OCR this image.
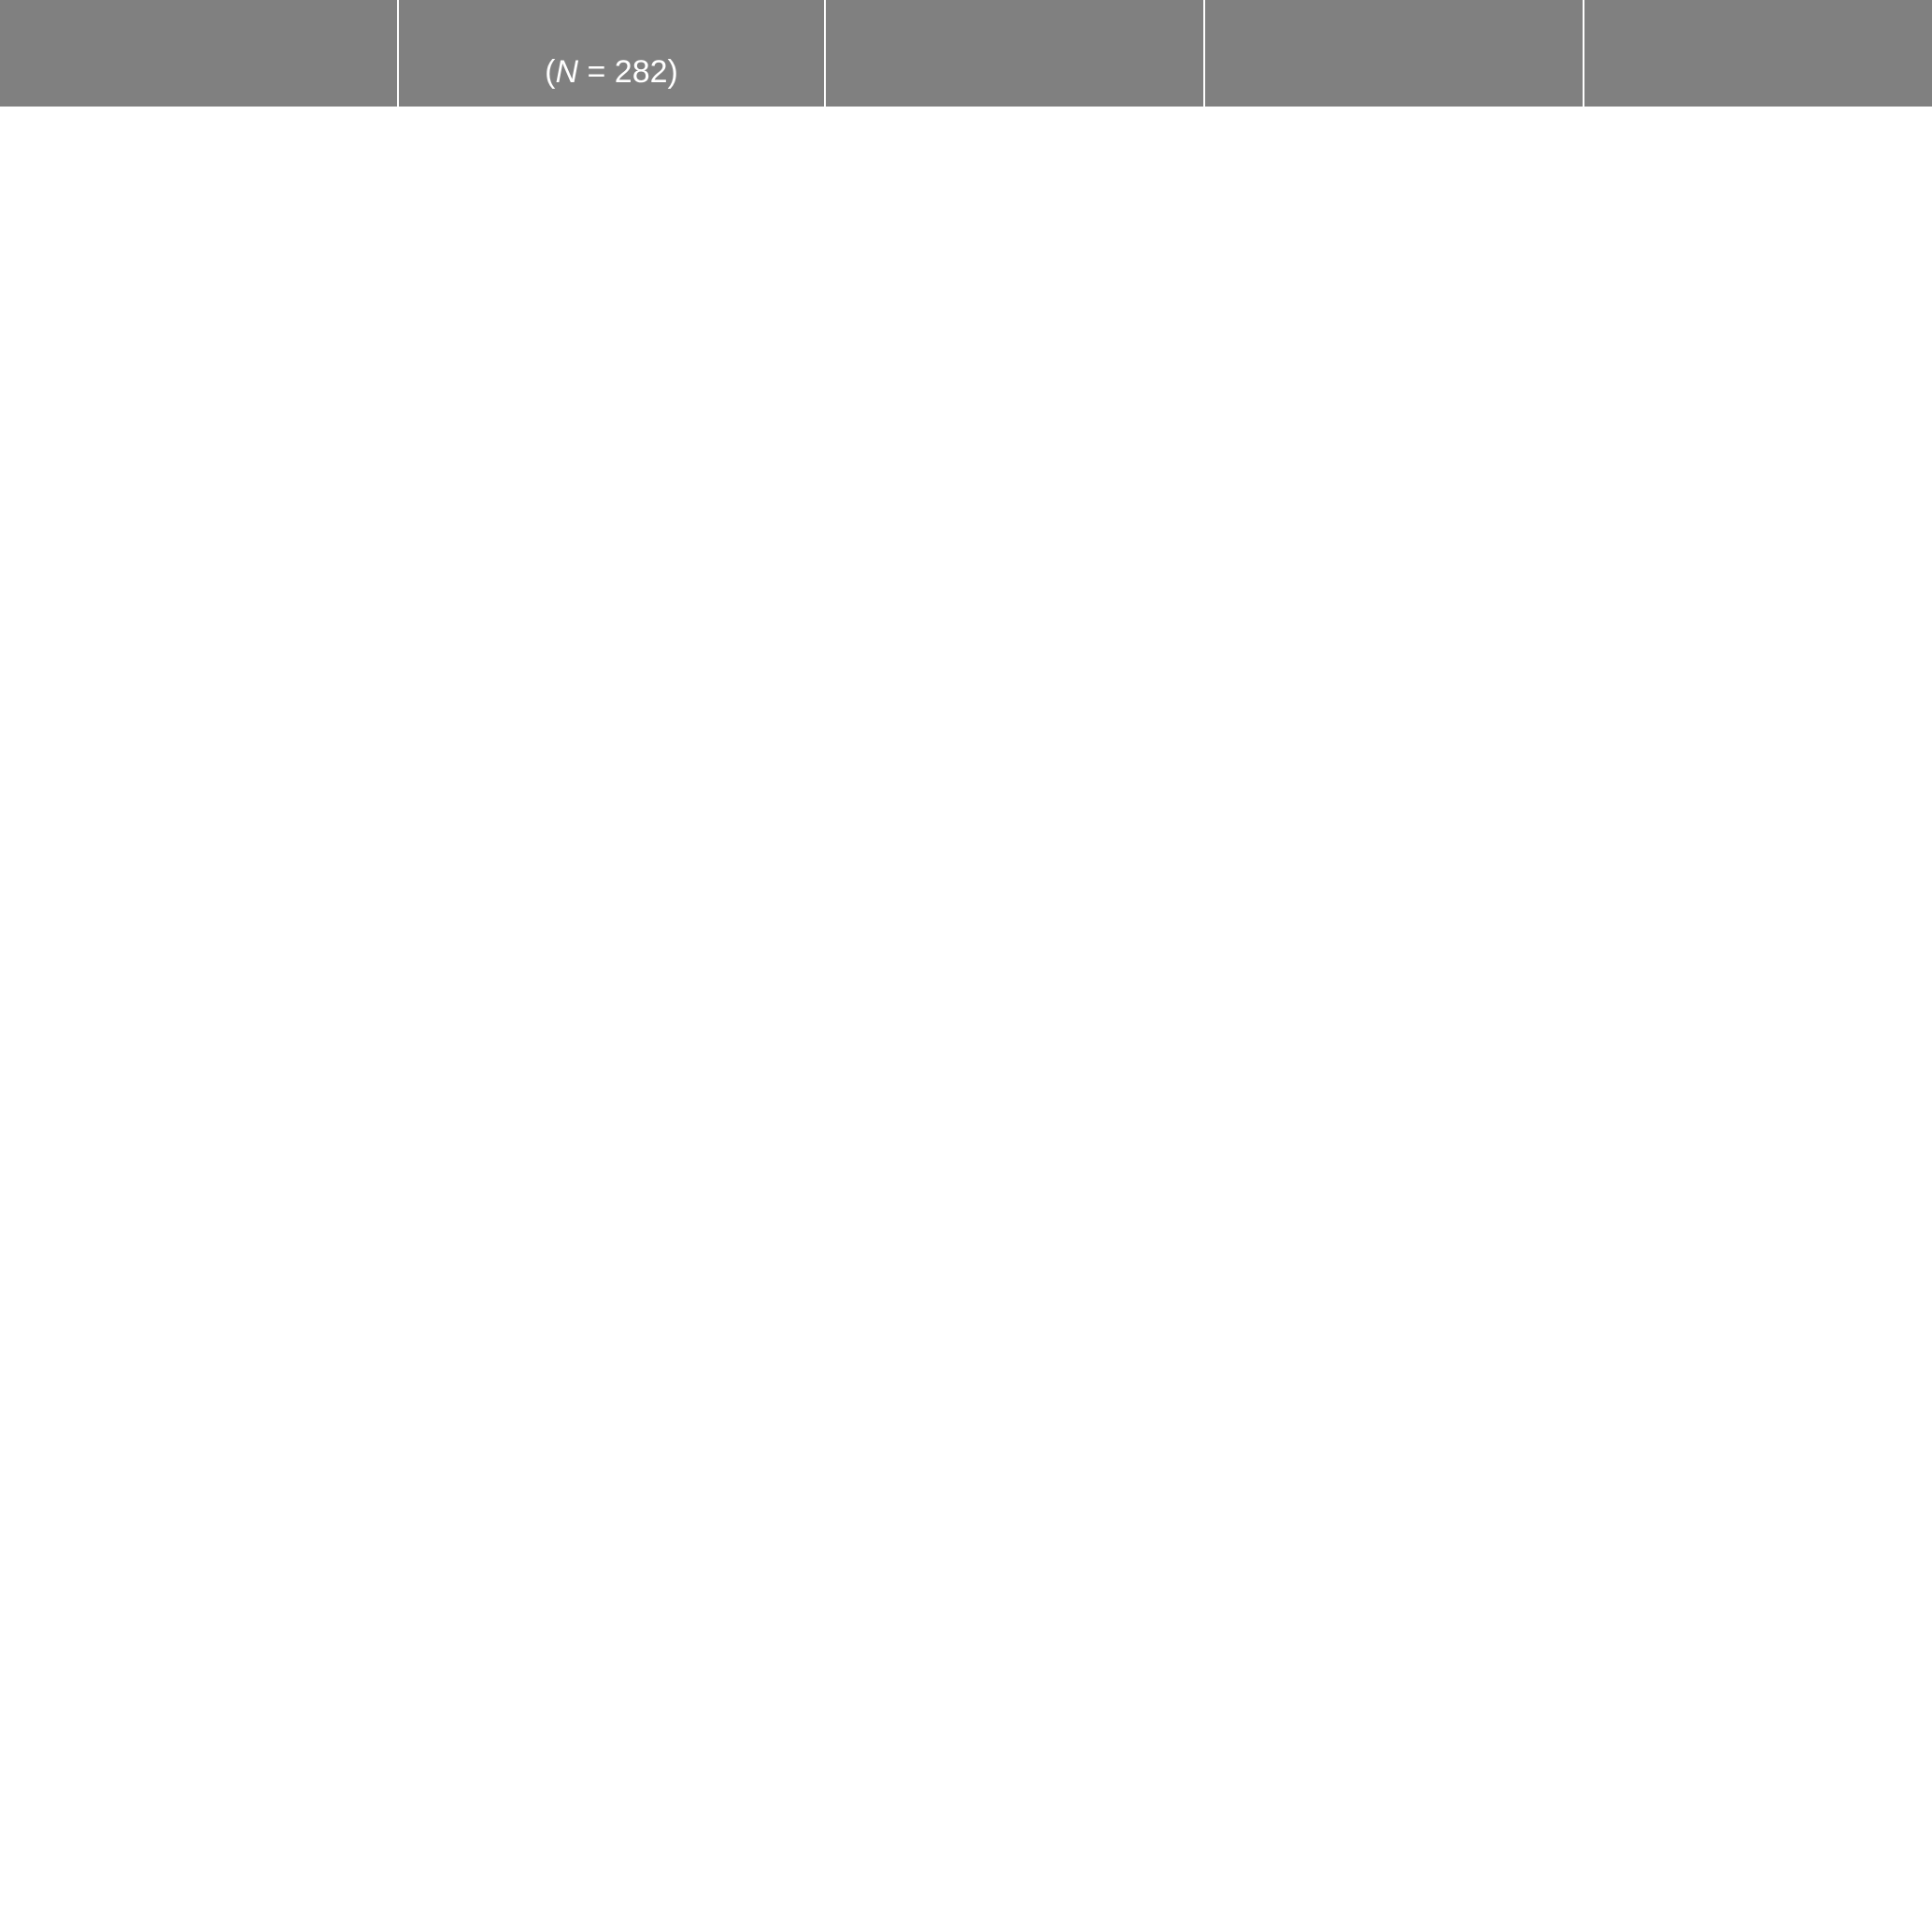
(N = 282)			
